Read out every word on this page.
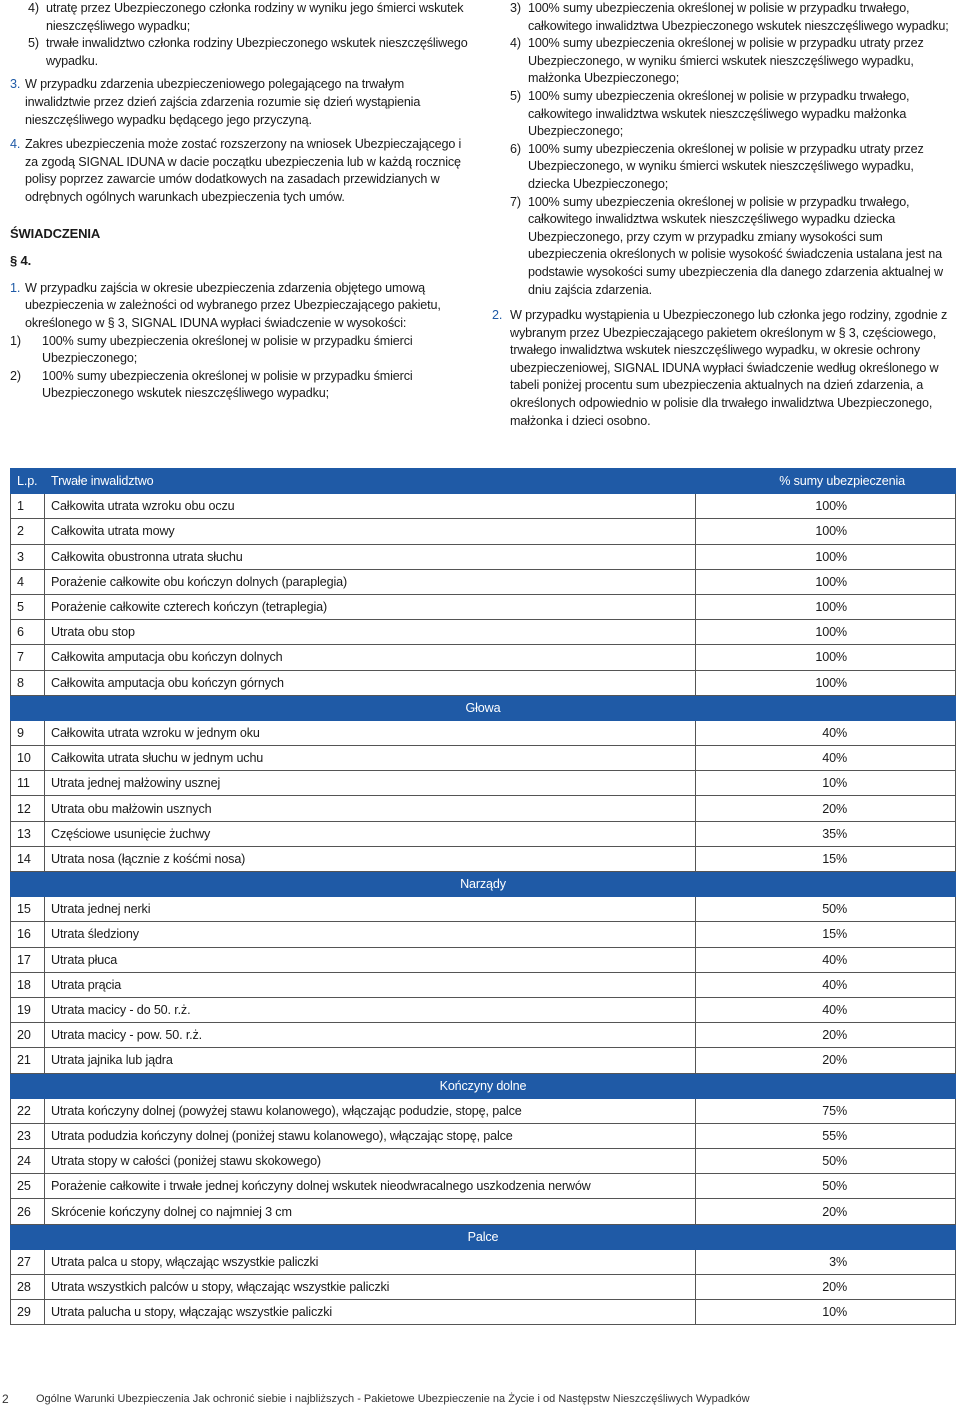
4) utratę przez Ubezpieczonego członka rodziny w wyniku jego śmierci wskutek nieszczęśliwego wypadku;
5) trwałe inwalidztwo członka rodziny Ubezpieczonego wskutek nieszczęśliwego wypadku.
3. W przypadku zdarzenia ubezpieczeniowego polegającego na trwałym inwalidztwie przez dzień zajścia zdarzenia rozumie się dzień wystąpienia nieszczęśliwego wypadku będącego jego przyczyną.
4. Zakres ubezpieczenia może zostać rozszerzony na wniosek Ubezpieczającego i za zgodą SIGNAL IDUNA w dacie początku ubezpieczenia lub w każdą rocznicę polisy poprzez zawarcie umów dodatkowych na zasadach przewidzianych w odrębnych ogólnych warunkach ubezpieczenia tych umów.
ŚWIADCZENIA
§ 4.
1. W przypadku zajścia w okresie ubezpieczenia zdarzenia objętego umową ubezpieczenia w zależności od wybranego przez Ubezpieczającego pakietu, określonego w § 3, SIGNAL IDUNA wypłaci świadczenie w wysokości:
1)	100% sumy ubezpieczenia określonej w polisie w przypadku śmierci Ubezpieczonego;
2)	100% sumy ubezpieczenia określonej w polisie w przypadku śmierci Ubezpieczonego wskutek nieszczęśliwego wypadku;
3) 100% sumy ubezpieczenia określonej w polisie w przypadku trwałego, całkowitego inwalidztwa Ubezpieczonego wskutek nieszczęśliwego wypadku;
4) 100% sumy ubezpieczenia określonej w polisie w przypadku utraty przez Ubezpieczonego, w wyniku śmierci wskutek nieszczęśliwego wypadku, małżonka Ubezpieczonego;
5) 100% sumy ubezpieczenia określonej w polisie w przypadku trwałego, całkowitego inwalidztwa wskutek nieszczęśliwego wypadku małżonka Ubezpieczonego;
6) 100% sumy ubezpieczenia określonej w polisie w przypadku utraty przez Ubezpieczonego, w wyniku śmierci wskutek nieszczęśliwego wypadku, dziecka Ubezpieczonego;
7) 100% sumy ubezpieczenia określonej w polisie w przypadku trwałego, całkowitego inwalidztwa wskutek nieszczęśliwego wypadku dziecka Ubezpieczonego, przy czym w przypadku zmiany wysokości sum ubezpieczenia określonych w polisie wysokość świadczenia ustalana jest na podstawie wysokości sumy ubezpieczenia dla danego zdarzenia aktualnej w dniu zajścia zdarzenia.
2. W przypadku wystąpienia u Ubezpieczonego lub członka jego rodziny, zgodnie z wybranym przez Ubezpieczającego pakietem określonym w § 3, częściowego, trwałego inwalidztwa wskutek nieszczęśliwego wypadku, w okresie ochrony ubezpieczeniowej, SIGNAL IDUNA wypłaci świadczenie według określonego w tabeli poniżej procentu sum ubezpieczenia aktualnych na dzień zdarzenia, a określonych odpowiednio w polisie dla trwałego inwalidztwa Ubezpieczonego, małżonka i dzieci osobno.
L.p.	Trwałe inwalidztwo	% sumy ubezpieczenia
1	Całkowita utrata wzroku obu oczu	100%
2	Całkowita utrata mowy	100%
3	Całkowita obustronna utrata słuchu	100%
4	Porażenie całkowite obu kończyn dolnych (paraplegia)	100%
5	Porażenie całkowite czterech kończyn (tetraplegia)	100%
6	Utrata obu stop	100%
7	Całkowita amputacja obu kończyn dolnych	100%
8	Całkowita amputacja obu kończyn górnych	100%
Głowa		
9	Całkowita utrata wzroku w jednym oku	40%
10	Całkowita utrata słuchu w jednym uchu	40%
11	Utrata jednej małżowiny usznej	10%
12	Utrata obu małżowin usznych	20%
13	Częściowe usunięcie żuchwy	35%
14	Utrata nosa (łącznie z kośćmi nosa)	15%
Narządy		
15	Utrata jednej nerki	50%
16	Utrata śledziony	15%
17	Utrata płuca	40%
18	Utrata prącia	40%
19	Utrata macicy - do 50. r.ż.	40%
20	Utrata macicy - pow. 50. r.ż.	20%
21	Utrata jajnika lub jądra	20%
Kończyny dolne		
22	Utrata kończyny dolnej (powyżej stawu kolanowego), włączając podudzie, stopę, palce	75%
23	Utrata podudzia kończyny dolnej (poniżej stawu kolanowego), włączając stopę, palce	55%
24	Utrata stopy w całości (poniżej stawu skokowego)	50%
25	Porażenie całkowite i trwałe jednej kończyny dolnej wskutek nieodwracalnego uszkodzenia nerwów	50%
26	Skrócenie kończyny dolnej co najmniej 3 cm	20%
Palce		
27	Utrata palca u stopy, włączając wszystkie paliczki	3%
28	Utrata wszystkich palców u stopy, włączając wszystkie paliczki	20%
29	Utrata palucha u stopy, włączając wszystkie paliczki	10%
2 Ogólne Warunki Ubezpieczenia Jak ochronić siebie i najbliższych - Pakietowe Ubezpieczenie na Życie i od Następstw Nieszczęśliwych Wypadków
